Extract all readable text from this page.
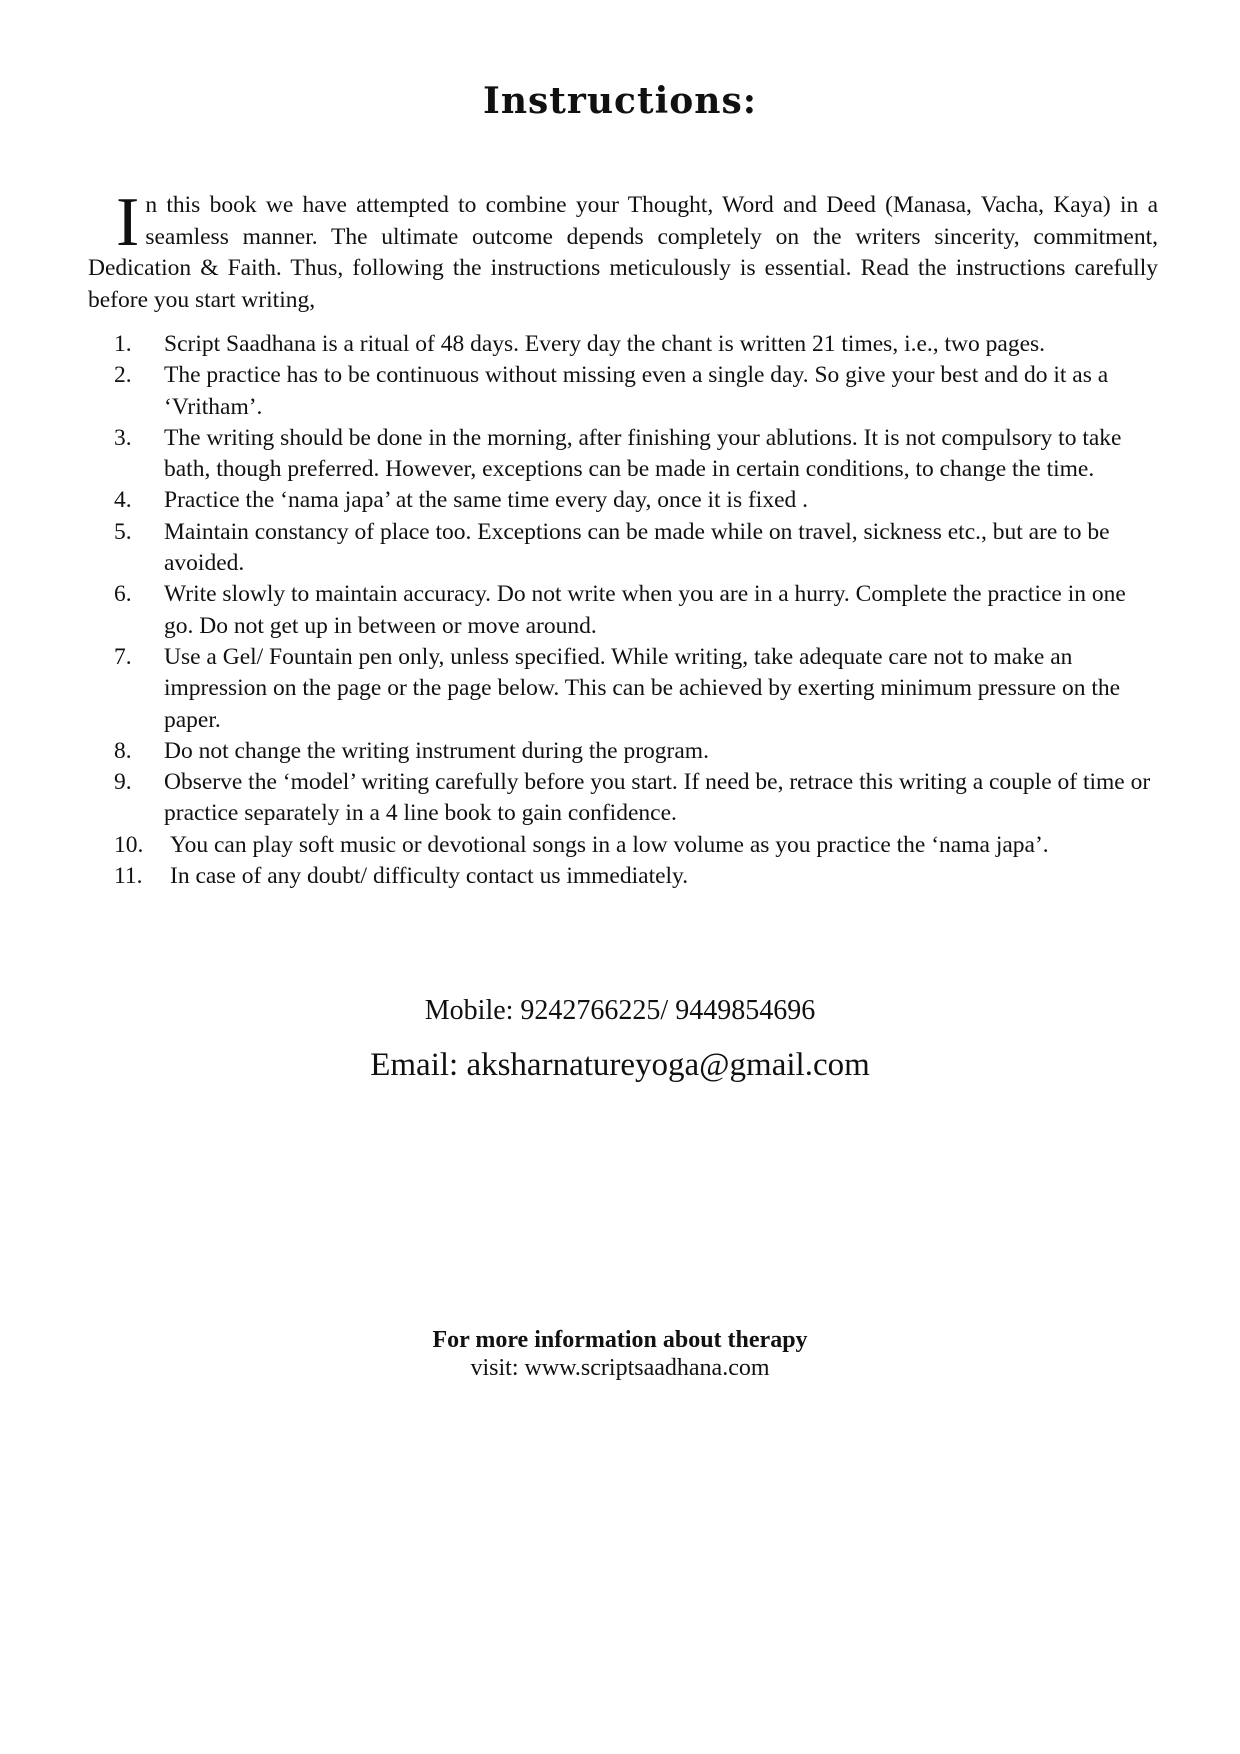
Instructions:

I n this book we have attempted to combine your Thought, Word and Deed (Manasa, Vacha, Kaya) in a seamless manner. The ultimate outcome depends completely on the writers sincerity, commitment, Dedication & Faith. Thus, following the instructions meticulously is essential. Read the instructions carefully before you start writing,

1.	Script Saadhana is a ritual of 48 days. Every day the chant is written 21 times, i.e., two pages.
2.	The practice has to be continuous without missing even a single day. So give your best and do it as a ‘Vritham’.
3.	The writing should be done in the morning, after finishing your ablutions. It is not compulsory to take bath, though preferred. However, exceptions can be made in certain conditions, to change the time.
4.	Practice the ‘nama japa’ at the same time every day, once it is fixed .
5.	Maintain constancy of place too. Exceptions can be made while on travel, sickness etc., but are to be avoided.
6.	Write slowly to maintain accuracy. Do not write when you are in a hurry. Complete the practice in one go. Do not get up in between or move around.
7.	Use a Gel/ Fountain pen only, unless specified. While writing, take adequate care not to make an impression on the page or the page below. This can be achieved by exerting minimum pressure on the paper.
8.	Do not change the writing instrument during the program.
9.	Observe the ‘model’ writing carefully before you start. If need be, retrace this writing a couple of time or practice separately in a 4 line book to gain confidence.
10.	You can play soft music or devotional songs in a low volume as you practice the ‘nama japa’.
11.	In case of any doubt/ difficulty contact us immediately.
Mobile: 9242766225/ 9449854696
Email: aksharnatureyoga@gmail.com
For more information about therapy
visit: www.scriptsaadhana.com
